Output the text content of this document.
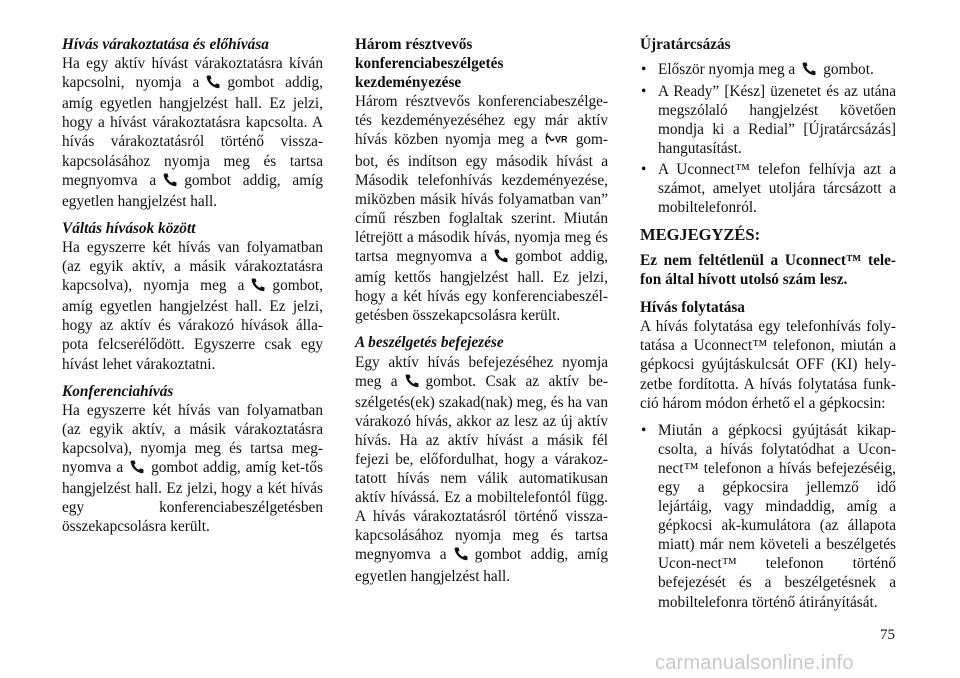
Hívás várakoztatása és előhívása
Ha egy aktív hívást várakoztatásra kíván kapcsolni, nyomja a gombot addig, amíg egyetlen hangjelzést hall. Ez jelzi, hogy a hívást várakoztatásra kapcsolta. A hívás várakoztatásról történő vissza-kapcsolásához nyomja meg és tartsa megnyomva a gombot addig, amíg egyetlen hangjelzést hall.

Váltás hívások között
Ha egyszerre két hívás van folyamatban (az egyik aktív, a másik várakoztatásra kapcsolva), nyomja meg a gombot, amíg egyetlen hangjelzést hall. Ez jelzi, hogy az aktív és várakozó hívások álla-pota felcserélődött. Egyszerre csak egy hívást lehet várakoztatni.

Konferenciahívás
Ha egyszerre két hívás van folyamatban (az egyik aktív, a másik várakoztatásra kapcsolva), nyomja meg és tartsa meg-nyomva a gombot addig, amíg ket-tős hangjelzést hall. Ez jelzi, hogy a két hívás egy konferenciabeszélgetésben összekapcsolásra került.

Három résztvevős konferenciabeszélgetés kezdeményezése
Három résztvevős konferenciabeszélge-tés kezdeményezéséhez egy már aktív hívás közben nyomja meg a VR gom-bot, és indítson egy második hívást a Második telefonhívás kezdeményezése, miközben másik hívás folyamatban van” című részben foglaltak szerint. Miután létrejött a második hívás, nyomja meg és tartsa megnyomva a gombot addig, amíg kettős hangjelzést hall. Ez jelzi, hogy a két hívás egy konferenciabeszél-getésben összekapcsolásra került.

A beszélgetés befejezése
Egy aktív hívás befejezéséhez nyomja meg a gombot. Csak az aktív be-szélgetés(ek) szakad(nak) meg, és ha van várakozó hívás, akkor az lesz az új aktív hívás. Ha az aktív hívást a másik fél fejezi be, előfordulhat, hogy a várakoz-tatott hívás nem válik automatikusan aktív hívássá. Ez a mobiltelefontól függ. A hívás várakoztatásról történő vissza-kapcsolásához nyomja meg és tartsa megnyomva a gombot addig, amíg egyetlen hangjelzést hall.

Újratárcsázás
• Először nyomja meg a gombot.
• A Ready” [Kész] üzenetet és az utána megszólaló hangjelzést követően mondja ki a Redial” [Újratárcsázás] hangutasítást.
• A Uconnect™ telefon felhívja azt a számot, amelyet utoljára tárcsázott a mobiltelefonról.
MEGJEGYZÉS:

Ez nem feltétlenül a Uconnect™ tele-fon által hívott utolsó szám lesz.

Hívás folytatása
A hívás folytatása egy telefonhívás foly-tatása a Uconnect™ telefonon, miután a gépkocsi gyújtáskulcsát OFF (KI) hely-zetbe fordította. A hívás folytatása funk-ció három módon érhető el a gépkocsin:

• Miután a gépkocsi gyújtását kikap-csolta, a hívás folytatódhat a Ucon-nect™ telefonon a hívás befejezéséig, egy a gépkocsira jellemző idő lejártáig, vagy mindaddig, amíg a gépkocsi ak-kumulátora (az állapota miatt) már nem követeli a beszélgetés Ucon-nect™ telefonon történő befejezését és a beszélgetésnek a mobiltelefonra történő átirányítását.
75
carmanualsonline.info
